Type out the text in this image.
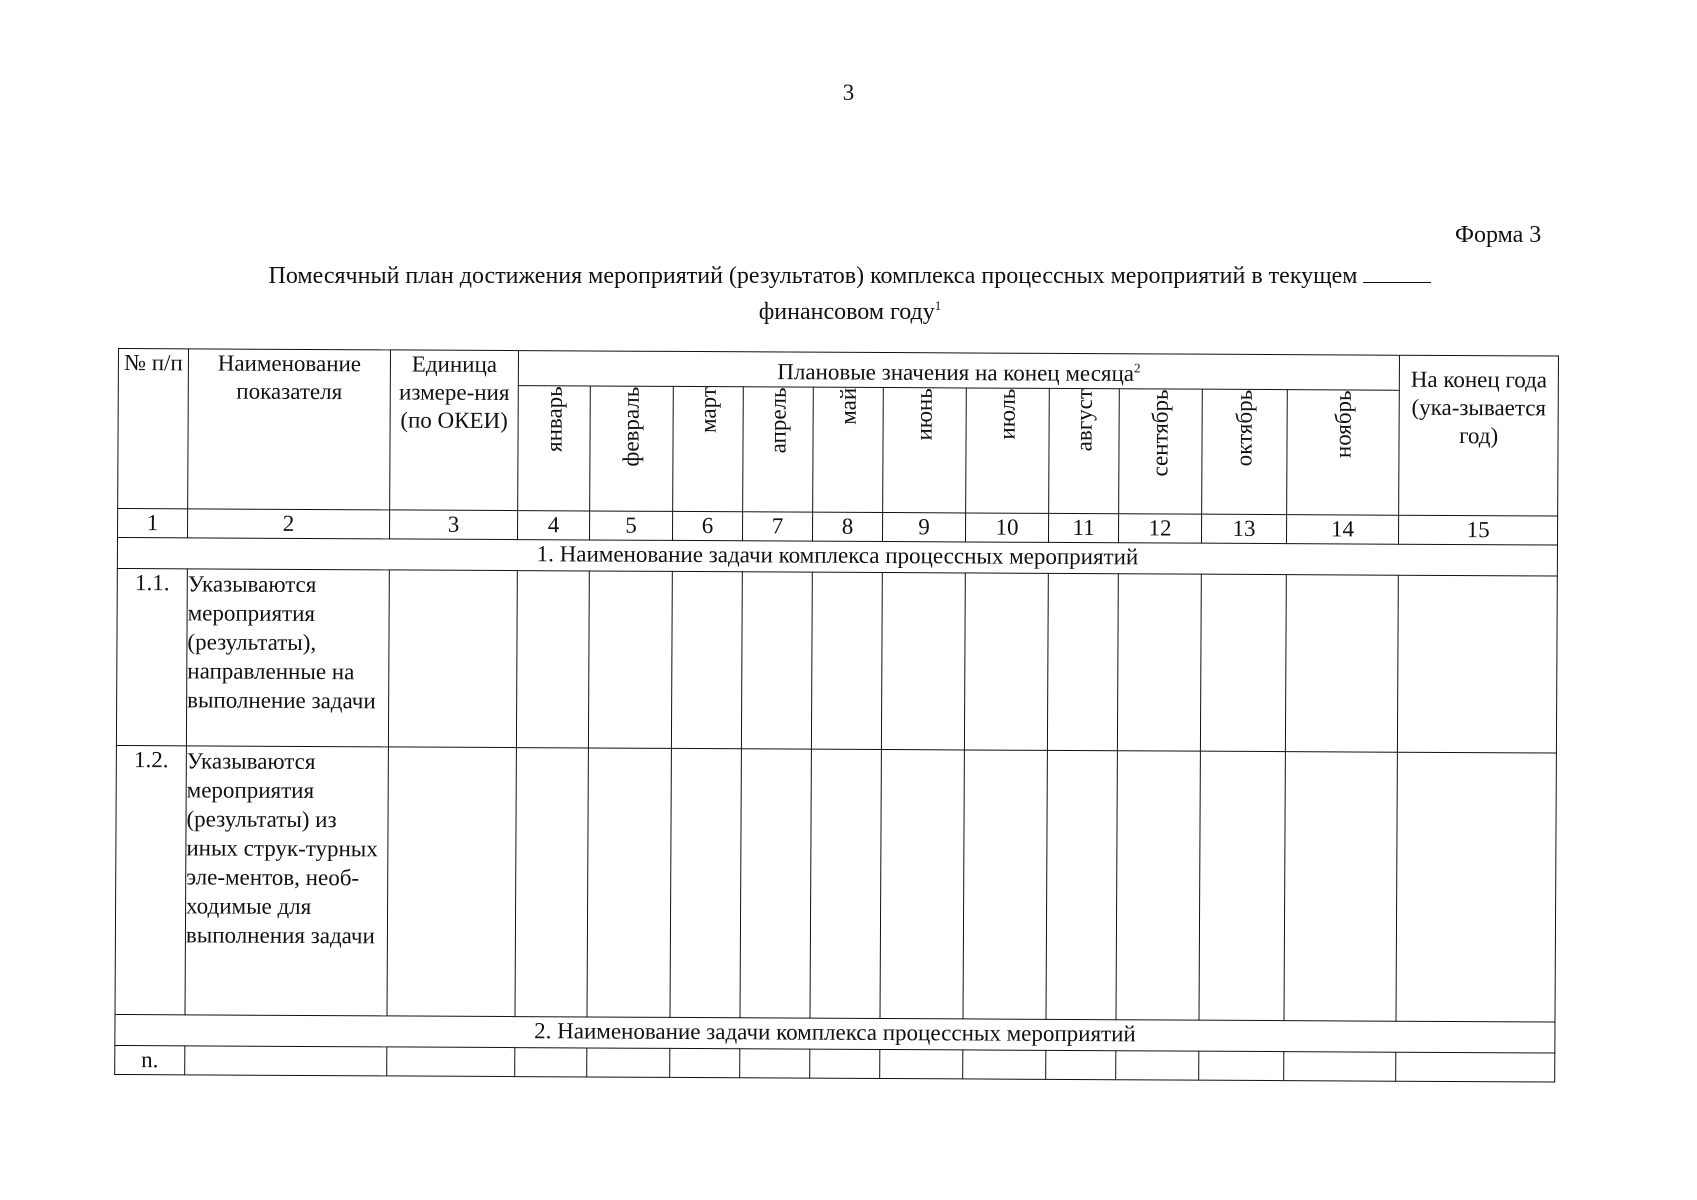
3
Форма 3
Помесячный план достижения мероприятий (результатов) комплекса процессных мероприятий в текущем
финансовом году$^1$
№ п/п	Наименование показателя	Единица измере-ния (по ОКЕИ)	Плановые значения на конец месяца$^2$											На конец года (ука-зывается год)
			январь	февраль	март	апрель	май	июнь	июль	август	сентябрь	октябрь	ноябрь	
1	2	3	4	5	6	7	8	9	10	11	12	13	14	15
1. Наименование задачи комплекса процессных мероприятий														
1.1.	Указываются мероприятия (результаты), направленные на выполнение задачи													
1.2.	Указываются мероприятия (результаты) из иных струк-турных эле-ментов, необ-ходимые для выполнения задачи													
2. Наименование задачи комплекса процессных мероприятий														
n.														
